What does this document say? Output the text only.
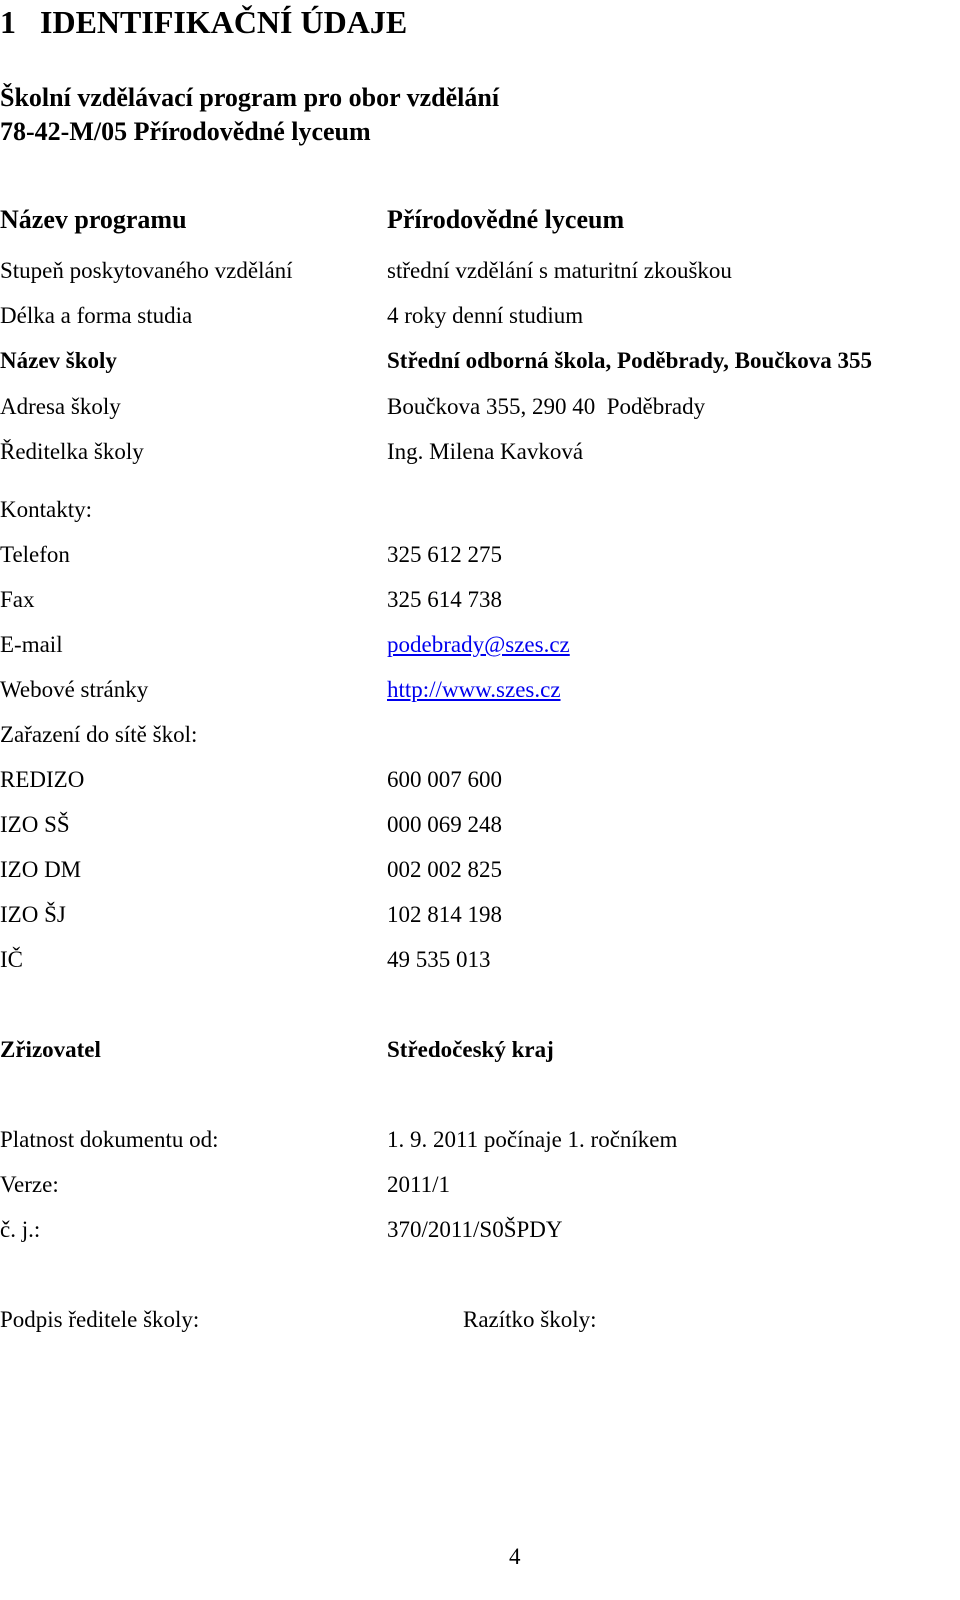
1 IDENTIFIKAČNÍ ÚDAJE
Školní vzdělávací program pro obor vzdělání
78-42-M/05 Přírodovědné lyceum
Název programu	Přírodovědné lyceum
Stupeň poskytovaného vzdělání	střední vzdělání s maturitní zkouškou
Délka a forma studia	4 roky denní studium
Název školy	Střední odborná škola, Poděbrady, Boučkova 355
Adresa školy	Boučkova 355, 290 40  Poděbrady
Ředitelka školy	Ing. Milena Kavková
Kontakty:
Telefon	325 612 275
Fax	325 614 738
E-mail	podebrady@szes.cz
Webové stránky	http://www.szes.cz
Zařazení do sítě škol:
REDIZO	600 007 600
IZO SŠ	000 069 248
IZO DM	002 002 825
IZO ŠJ	102 814 198
IČ	49 535 013
Zřizovatel	Středočeský kraj
Platnost dokumentu od:	1. 9. 2011 počínaje 1. ročníkem
Verze:	2011/1
č. j.:	370/2011/S0ŠPDY
Podpis ředitele školy:	Razítko školy:
4
